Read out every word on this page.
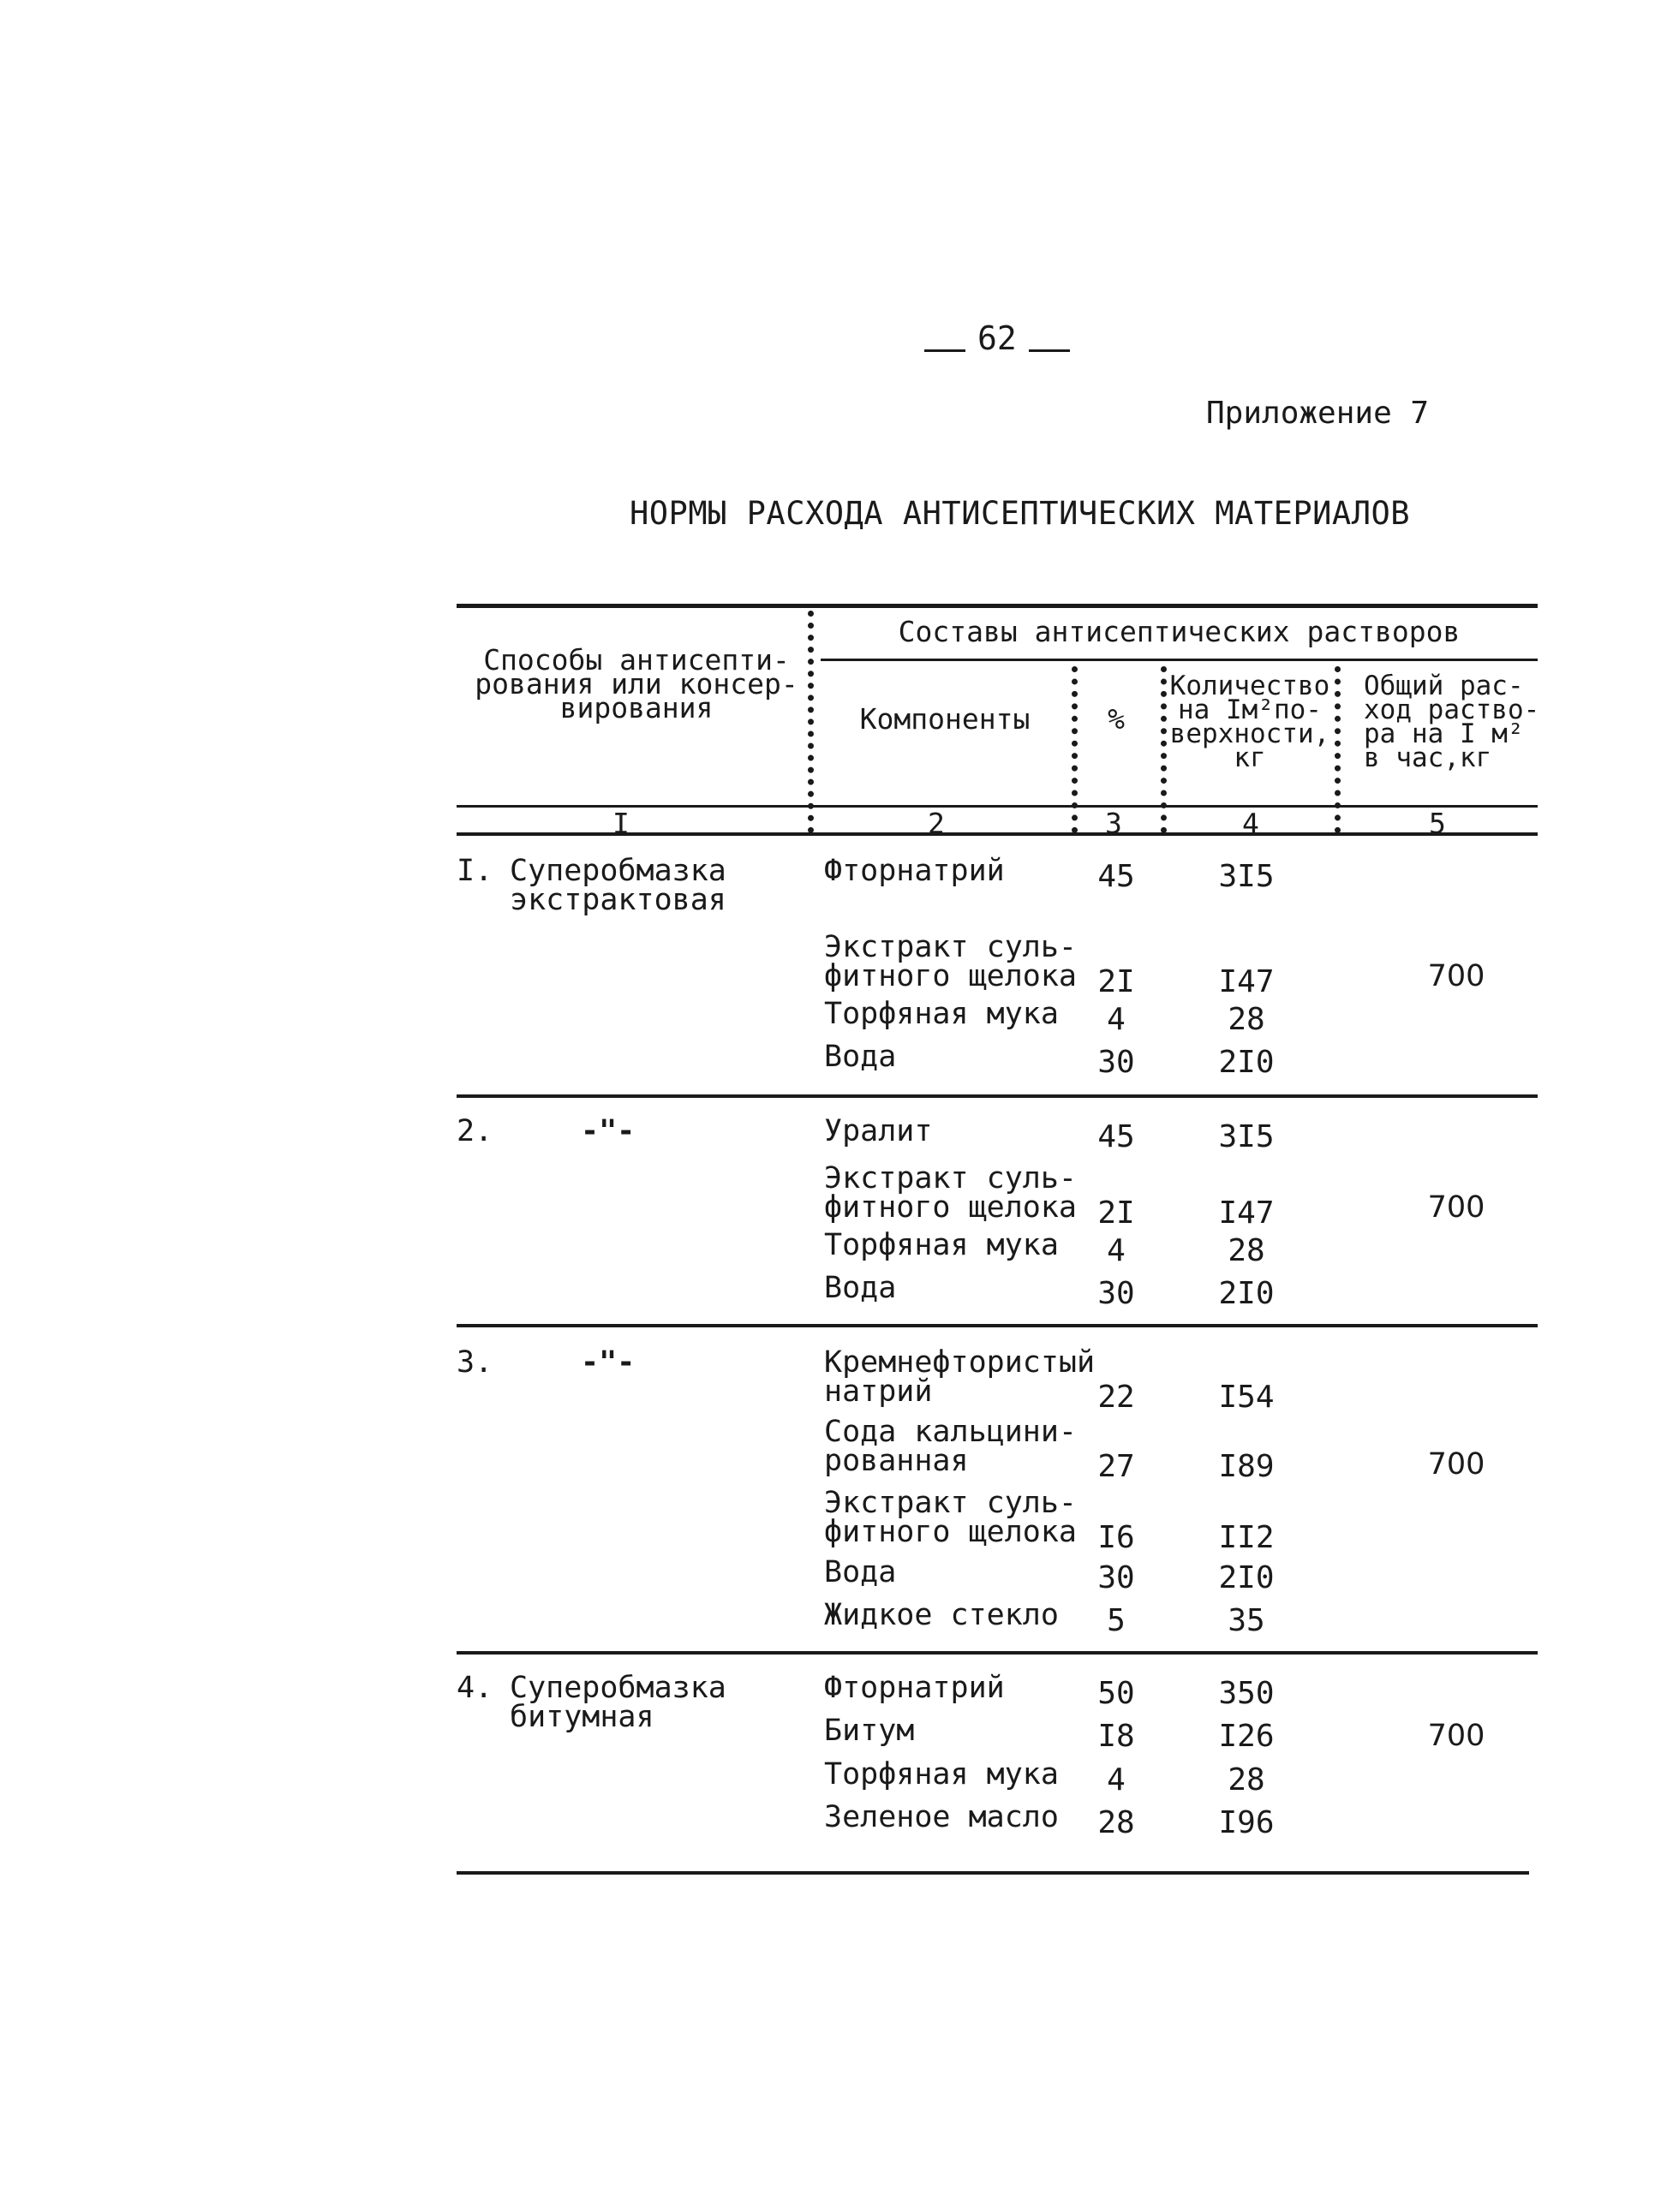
62
Приложение 7
НОРМЫ РАСХОДА АНТИСЕПТИЧЕСКИХ МАТЕРИАЛОВ
Способы антисепти-
рования или консер-
вирования
Составы антисептических растворов
Компоненты	%
Количество
на Iм²по-
верхности,
кг
Общий рас-
ход раство-
ра на I м²
в час,кг
I	2	3	4	5
I. Суперобмазка
экстрактовая
Фторнатрий	45	3I5
Экстракт суль-
фитного щелока 2I	I47
Торфяная мука	4	28
Вода	30	2I0
700
2.	-"-	Уралит	45	3I5
Экстракт суль-
фитного щелока 2I	I47
Торфяная мука	4	28
Вода	30	2I0
700
3.	-"-	Кремнефтористый
натрий	22	I54
Сода кальцини-
рованная	27	I89
Экстракт суль-
фитного щелока I6	II2
Вода	30	2I0
Жидкое стекло	5	35
700
4. Суперобмазка
битумная
Фторнатрий	50	350
Битум	I8	I26
Торфяная мука	4	28
Зеленое масло	28	I96
700
